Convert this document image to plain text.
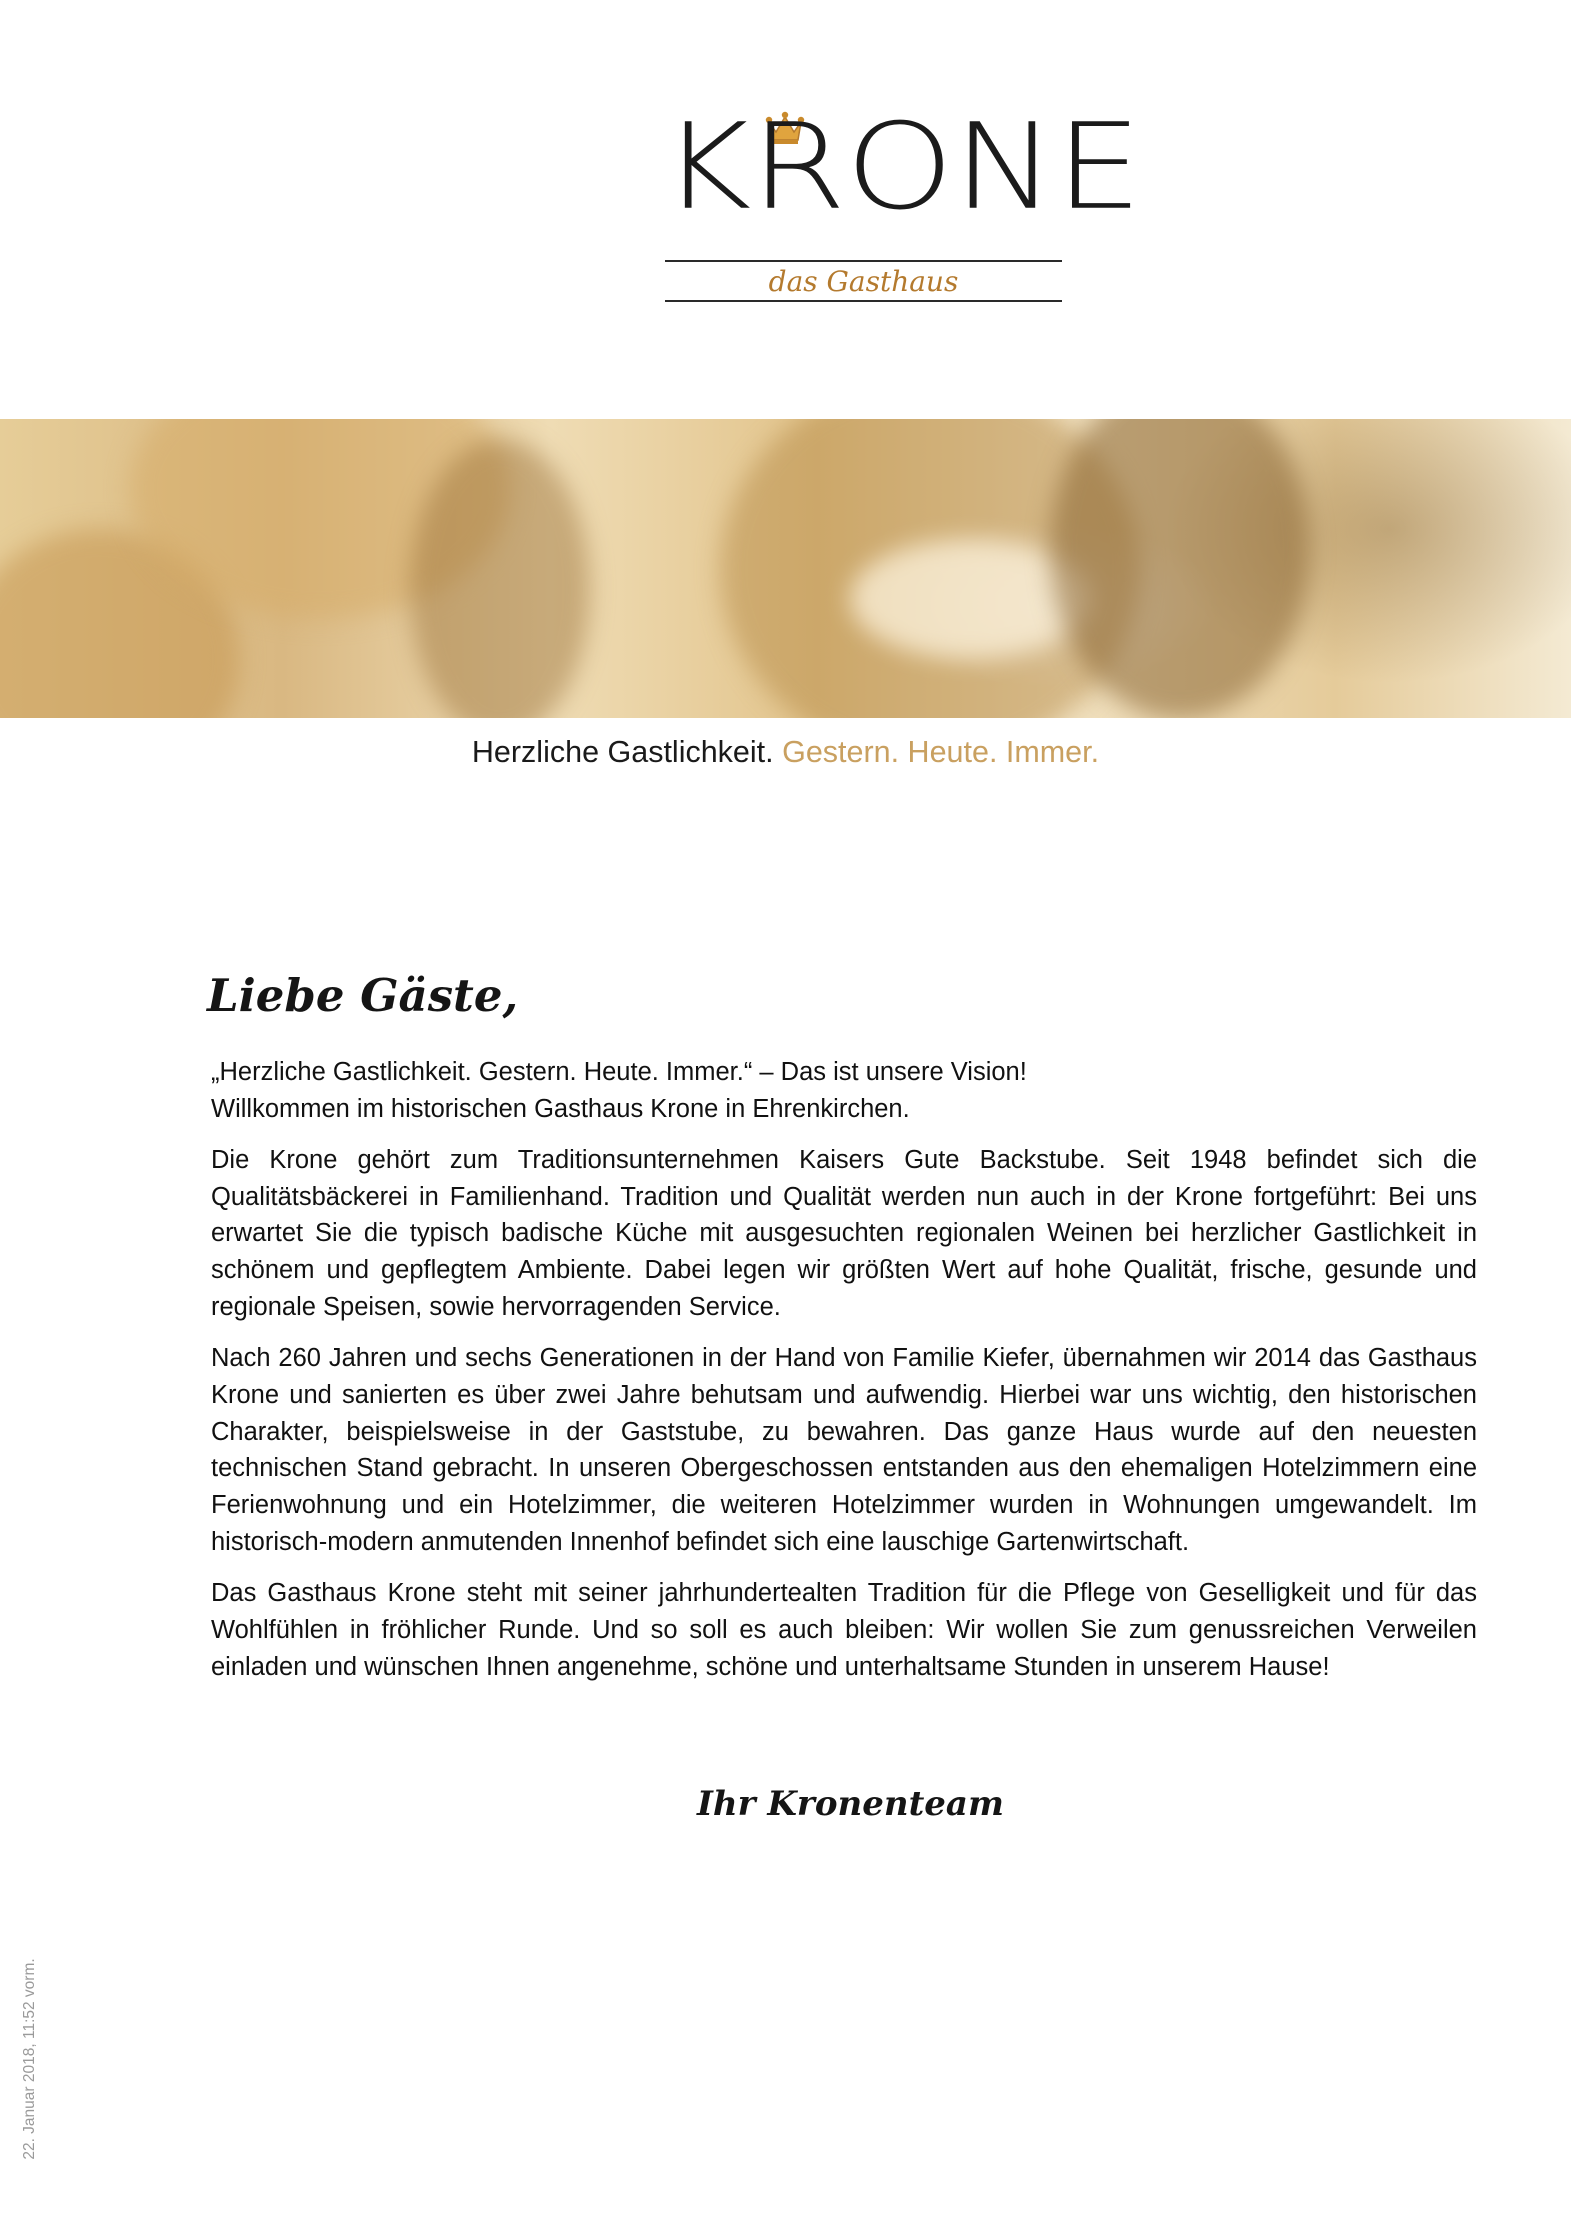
KRONE
das Gasthaus
Herzliche Gastlichkeit. Gestern. Heute. Immer.
Liebe Gäste,

„Herzliche Gastlichkeit. Gestern. Heute. Immer.“ – Das ist unsere Vision!
Willkommen im historischen Gasthaus Krone in Ehrenkirchen.

Die Krone gehört zum Traditionsunternehmen Kaisers Gute Backstube. Seit 1948 befindet sich die Qualitätsbäckerei in Familienhand. Tradition und Qualität werden nun auch in der Krone fortgeführt: Bei uns erwartet Sie die typisch badische Küche mit ausgesuchten regionalen Weinen bei herzlicher Gastlichkeit in schönem und gepflegtem Ambiente. Dabei legen wir größten Wert auf hohe Qualität, frische, gesunde und regionale Speisen, sowie hervorragenden Service.

Nach 260 Jahren und sechs Generationen in der Hand von Familie Kiefer, übernahmen wir 2014 das Gasthaus Krone und sanierten es über zwei Jahre behutsam und aufwendig. Hierbei war uns wichtig, den historischen Charakter, beispielsweise in der Gaststube, zu bewahren. Das ganze Haus wurde auf den neuesten technischen Stand gebracht. In unseren Obergeschossen entstanden aus den ehemaligen Hotelzimmern eine Ferienwohnung und ein Hotelzimmer, die weiteren Hotelzimmer wurden in Wohnungen umgewandelt. Im historisch-modern anmutenden Innenhof befindet sich eine lauschige Gartenwirtschaft.

Das Gasthaus Krone steht mit seiner jahrhundertealten Tradition für die Pflege von Geselligkeit und für das Wohlfühlen in fröhlicher Runde. Und so soll es auch bleiben: Wir wollen Sie zum genussreichen Verweilen einladen und wünschen Ihnen angenehme, schöne und unterhaltsame Stunden in unserem Hause!

Ihr Kronenteam
22. Januar 2018, 11:52 vorm.
